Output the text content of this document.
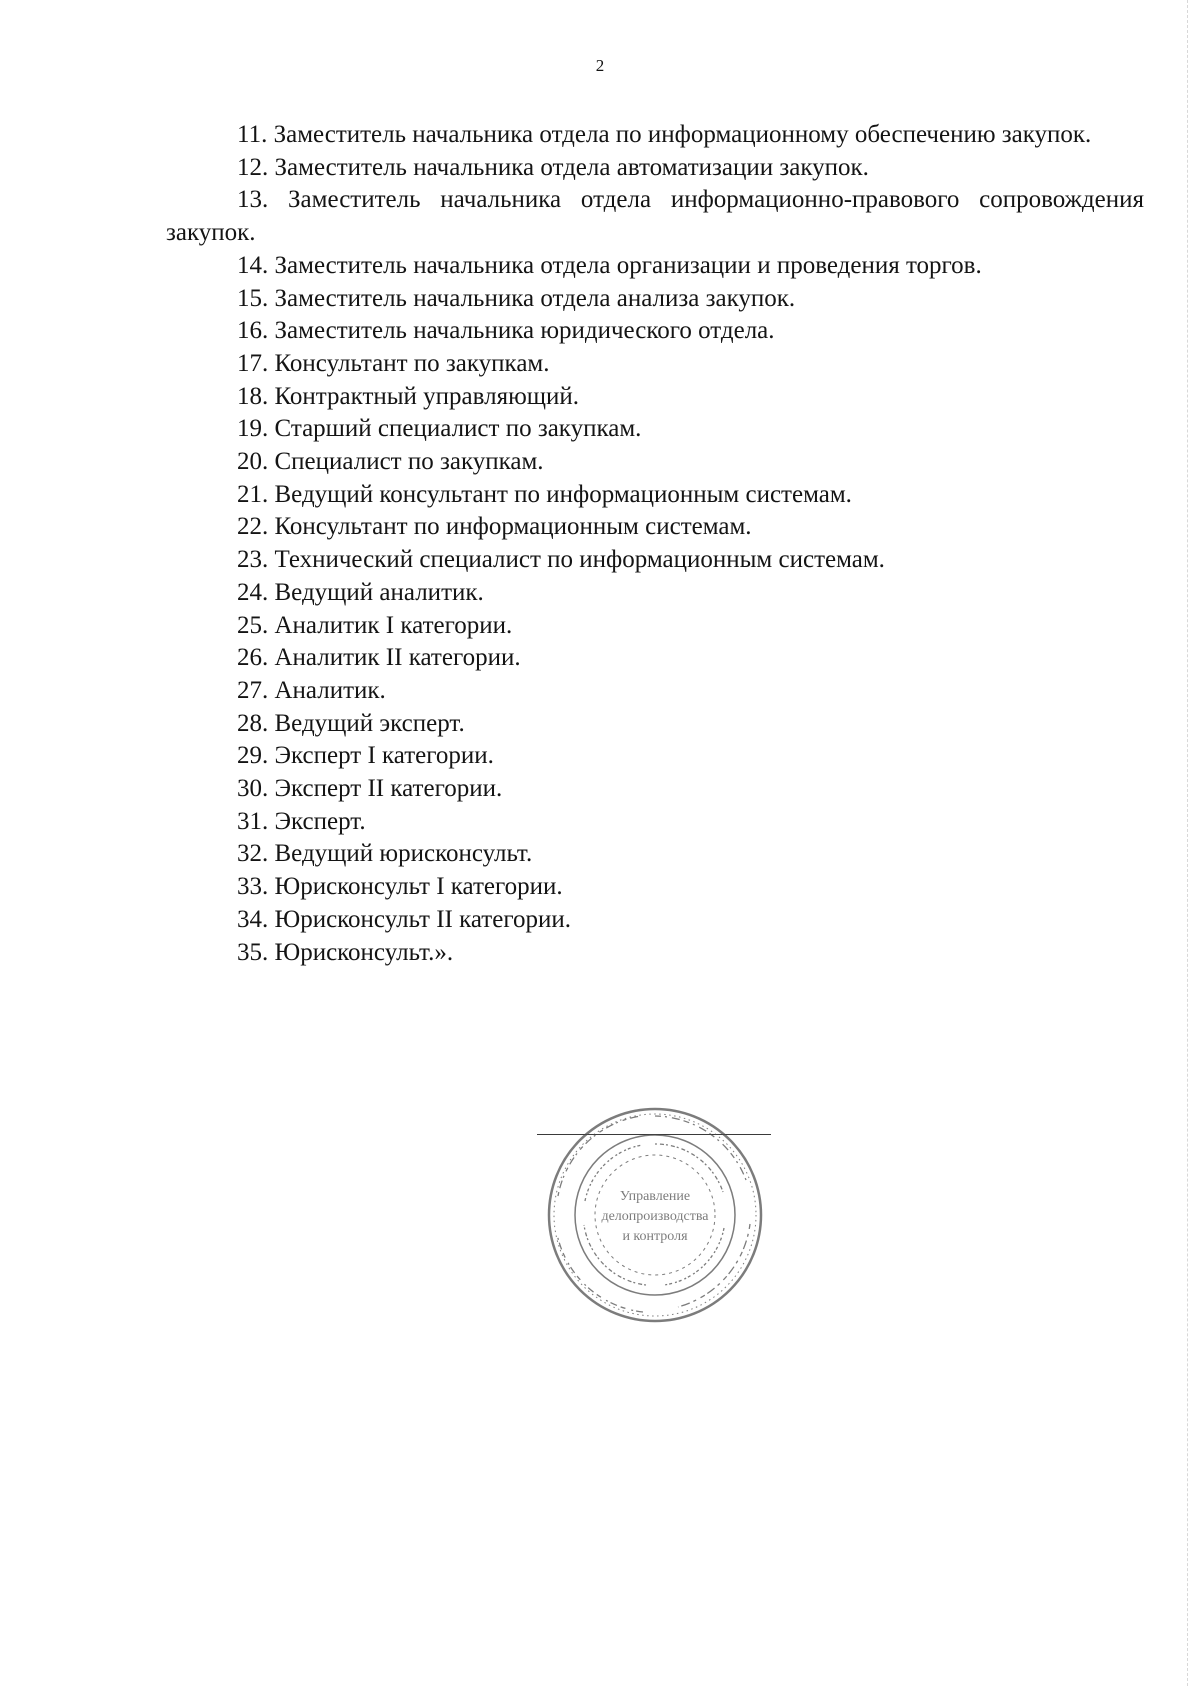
2
11. Заместитель начальника отдела по информационному обеспечению закупок.
12. Заместитель начальника отдела автоматизации закупок.
13. Заместитель начальника отдела информационно-правового сопровождения закупок.
14. Заместитель начальника отдела организации и проведения торгов.
15. Заместитель начальника отдела анализа закупок.
16. Заместитель начальника юридического отдела.
17. Консультант по закупкам.
18. Контрактный управляющий.
19. Старший специалист по закупкам.
20. Специалист по закупкам.
21. Ведущий консультант по информационным системам.
22. Консультант по информационным системам.
23. Технический специалист по информационным системам.
24. Ведущий аналитик.
25. Аналитик I категории.
26. Аналитик II категории.
27. Аналитик.
28. Ведущий эксперт.
29. Эксперт I категории.
30. Эксперт II категории.
31. Эксперт.
32. Ведущий юрисконсульт.
33. Юрисконсульт I категории.
34. Юрисконсульт II категории.
35. Юрисконсульт.».
Управление
делопроизводства
и контроля
